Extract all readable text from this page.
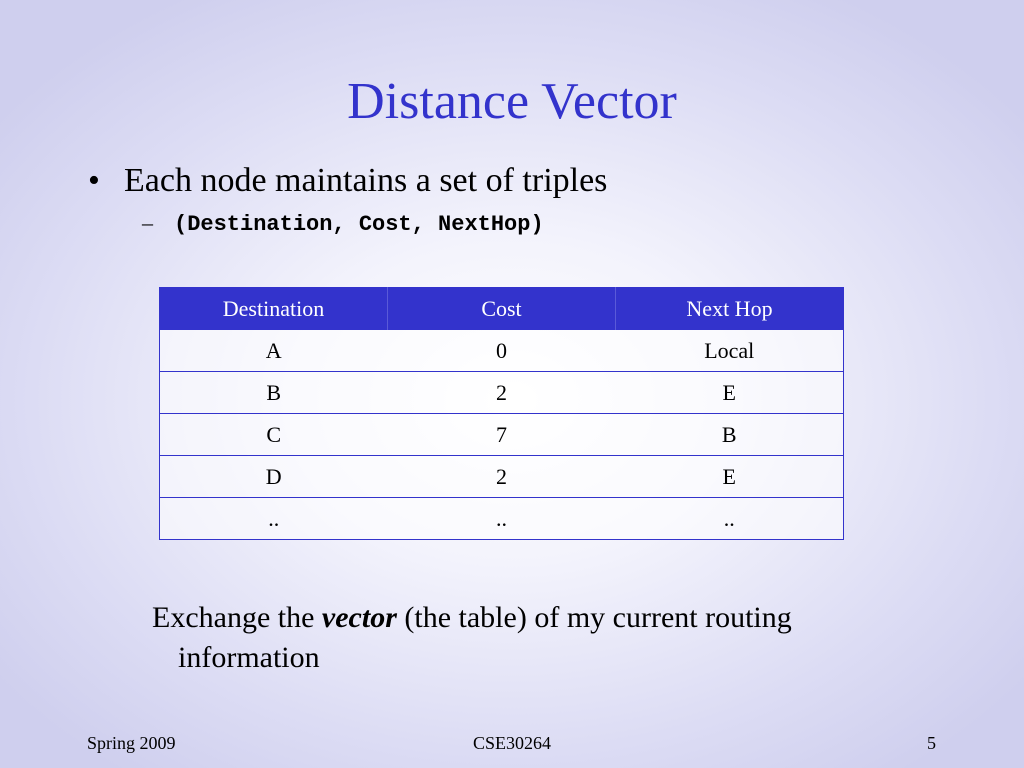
Distance Vector
• Each node maintains a set of triples
– (Destination, Cost, NextHop)
Destination	Cost	Next Hop
A	0	Local
B	2	E
C	7	B
D	2	E
..	..	..
Exchange the vector (the table) of my current routing
information
Spring 2009	CSE30264	5
